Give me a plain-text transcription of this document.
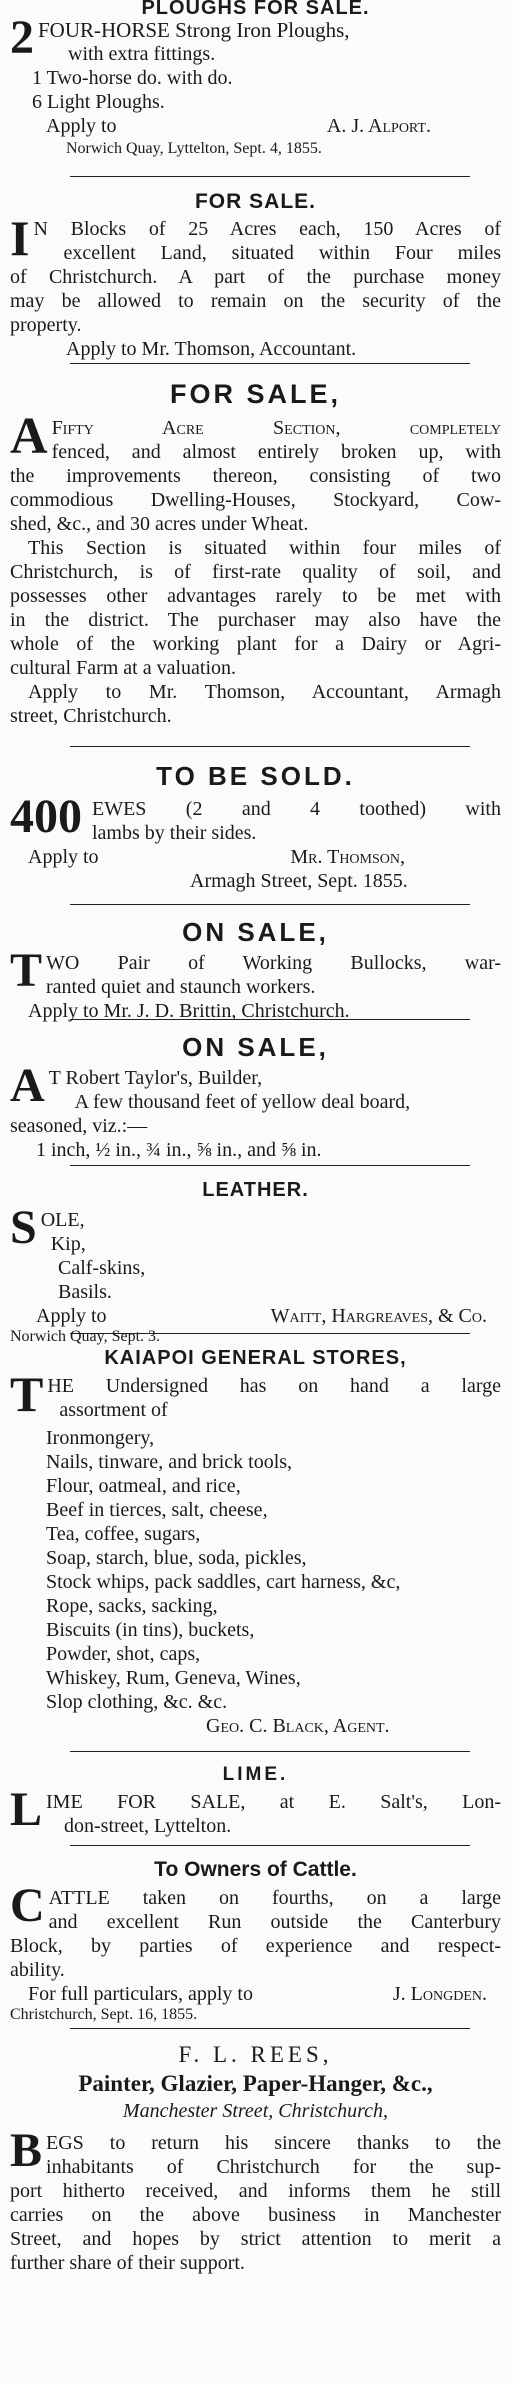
PLOUGHS FOR SALE.
2 FOUR-HORSE Strong Iron Ploughs,
with extra fittings.
1 Two-horse do. with do.
6 Light Ploughs.
Apply to	A. J. Alport.
Norwich Quay, Lyttelton, Sept. 4, 1855.
FOR SALE.
I N Blocks of 25 Acres each, 150 Acres of
excellent Land, situated within Four miles
of Christchurch. A part of the purchase money
may be allowed to remain on the security of the
property.
Apply to Mr. Thomson, Accountant.
FOR SALE,
A Fifty Acre Section, completely
fenced, and almost entirely broken up, with
the improvements thereon, consisting of two
commodious Dwelling-Houses, Stockyard, Cow-
shed, &c., and 30 acres under Wheat.
This Section is situated within four miles of
Christchurch, is of first-rate quality of soil, and
possesses other advantages rarely to be met with
in the district. The purchaser may also have the
whole of the working plant for a Dairy or Agri-
cultural Farm at a valuation.
Apply to Mr. Thomson, Accountant, Armagh
street, Christchurch.
TO BE SOLD.
400 EWES (2 and 4 toothed) with
lambs by their sides.
Apply to	Mr. Thomson,
Armagh Street, Sept. 1855.
ON SALE,
T WO Pair of Working Bullocks, war-
ranted quiet and staunch workers.
Apply to Mr. J. D. Brittin, Christchurch.
ON SALE,
A T Robert Taylor's, Builder,
A few thousand feet of yellow deal board,
seasoned, viz.:—
1 inch, ½ in., ¾ in., ⅝ in., and ⅝ in.
LEATHER.
S OLE,
Kip,
Calf-skins,
Basils.
Apply to	Waitt, Hargreaves, & Co.
Norwich Quay, Sept. 3.
KAIAPOI GENERAL STORES,
T HE Undersigned has on hand a large
assortment of
Ironmongery,
Nails, tinware, and brick tools,
Flour, oatmeal, and rice,
Beef in tierces, salt, cheese,
Tea, coffee, sugars,
Soap, starch, blue, soda, pickles,
Stock whips, pack saddles, cart harness, &c,
Rope, sacks, sacking,
Biscuits (in tins), buckets,
Powder, shot, caps,
Whiskey, Rum, Geneva, Wines,
Slop clothing, &c. &c.
Geo. C. Black, Agent.
LIME.
L IME FOR SALE, at E. Salt's, Lon-
don-street, Lyttelton.
To Owners of Cattle.
C ATTLE taken on fourths, on a large
and excellent Run outside the Canterbury
Block, by parties of experience and respect-
ability.
For full particulars, apply to	J. Longden.
Christchurch, Sept. 16, 1855.
F. L. REES,
Painter, Glazier, Paper-Hanger, &c.,
Manchester Street, Christchurch,
B EGS to return his sincere thanks to the
inhabitants of Christchurch for the sup-
port hitherto received, and informs them he still
carries on the above business in Manchester
Street, and hopes by strict attention to merit a
further share of their support.
